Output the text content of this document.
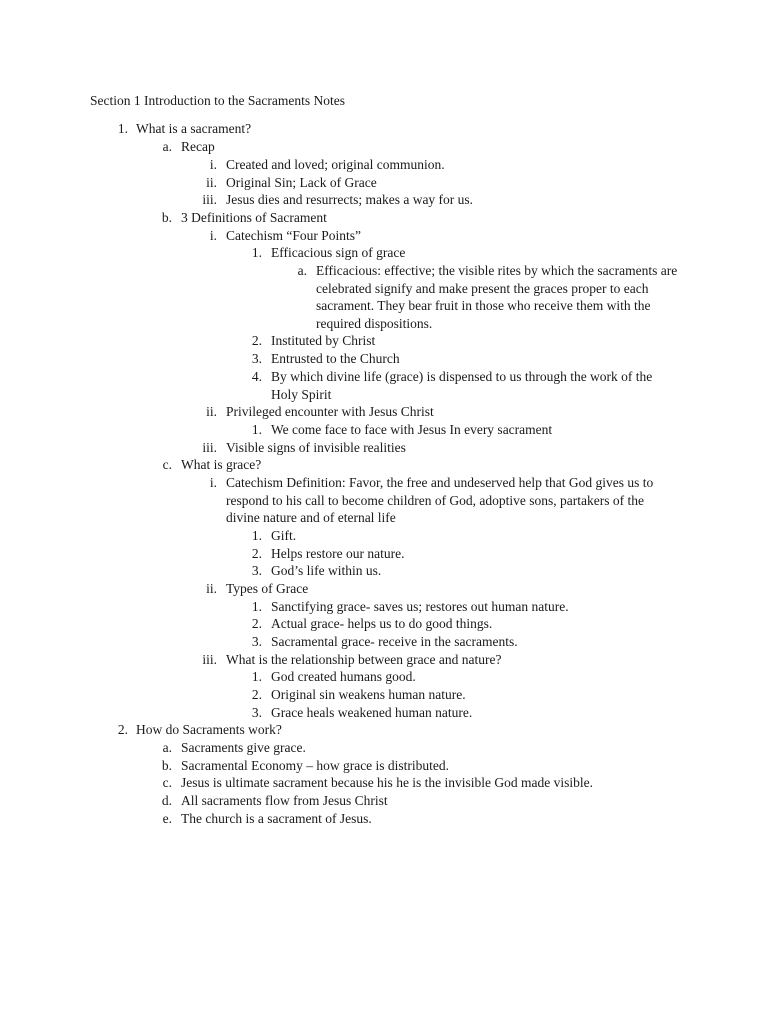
Section 1 Introduction to the Sacraments Notes
1. What is a sacrament?
a. Recap
i. Created and loved; original communion.
ii. Original Sin; Lack of Grace
iii. Jesus dies and resurrects; makes a way for us.
b. 3 Definitions of Sacrament
i. Catechism “Four Points”
1. Efficacious sign of grace
a. Efficacious: effective; the visible rites by which the sacraments are celebrated signify and make present the graces proper to each sacrament. They bear fruit in those who receive them with the required dispositions.
2. Instituted by Christ
3. Entrusted to the Church
4. By which divine life (grace) is dispensed to us through the work of the Holy Spirit
ii. Privileged encounter with Jesus Christ
1. We come face to face with Jesus In every sacrament
iii. Visible signs of invisible realities
c. What is grace?
i. Catechism Definition: Favor, the free and undeserved help that God gives us to respond to his call to become children of God, adoptive sons, partakers of the divine nature and of eternal life
1. Gift.
2. Helps restore our nature.
3. God’s life within us.
ii. Types of Grace
1. Sanctifying grace- saves us; restores out human nature.
2. Actual grace- helps us to do good things.
3. Sacramental grace- receive in the sacraments.
iii. What is the relationship between grace and nature?
1. God created humans good.
2. Original sin weakens human nature.
3. Grace heals weakened human nature.
2. How do Sacraments work?
a. Sacraments give grace.
b. Sacramental Economy – how grace is distributed.
c. Jesus is ultimate sacrament because his he is the invisible God made visible.
d. All sacraments flow from Jesus Christ
e. The church is a sacrament of Jesus.
